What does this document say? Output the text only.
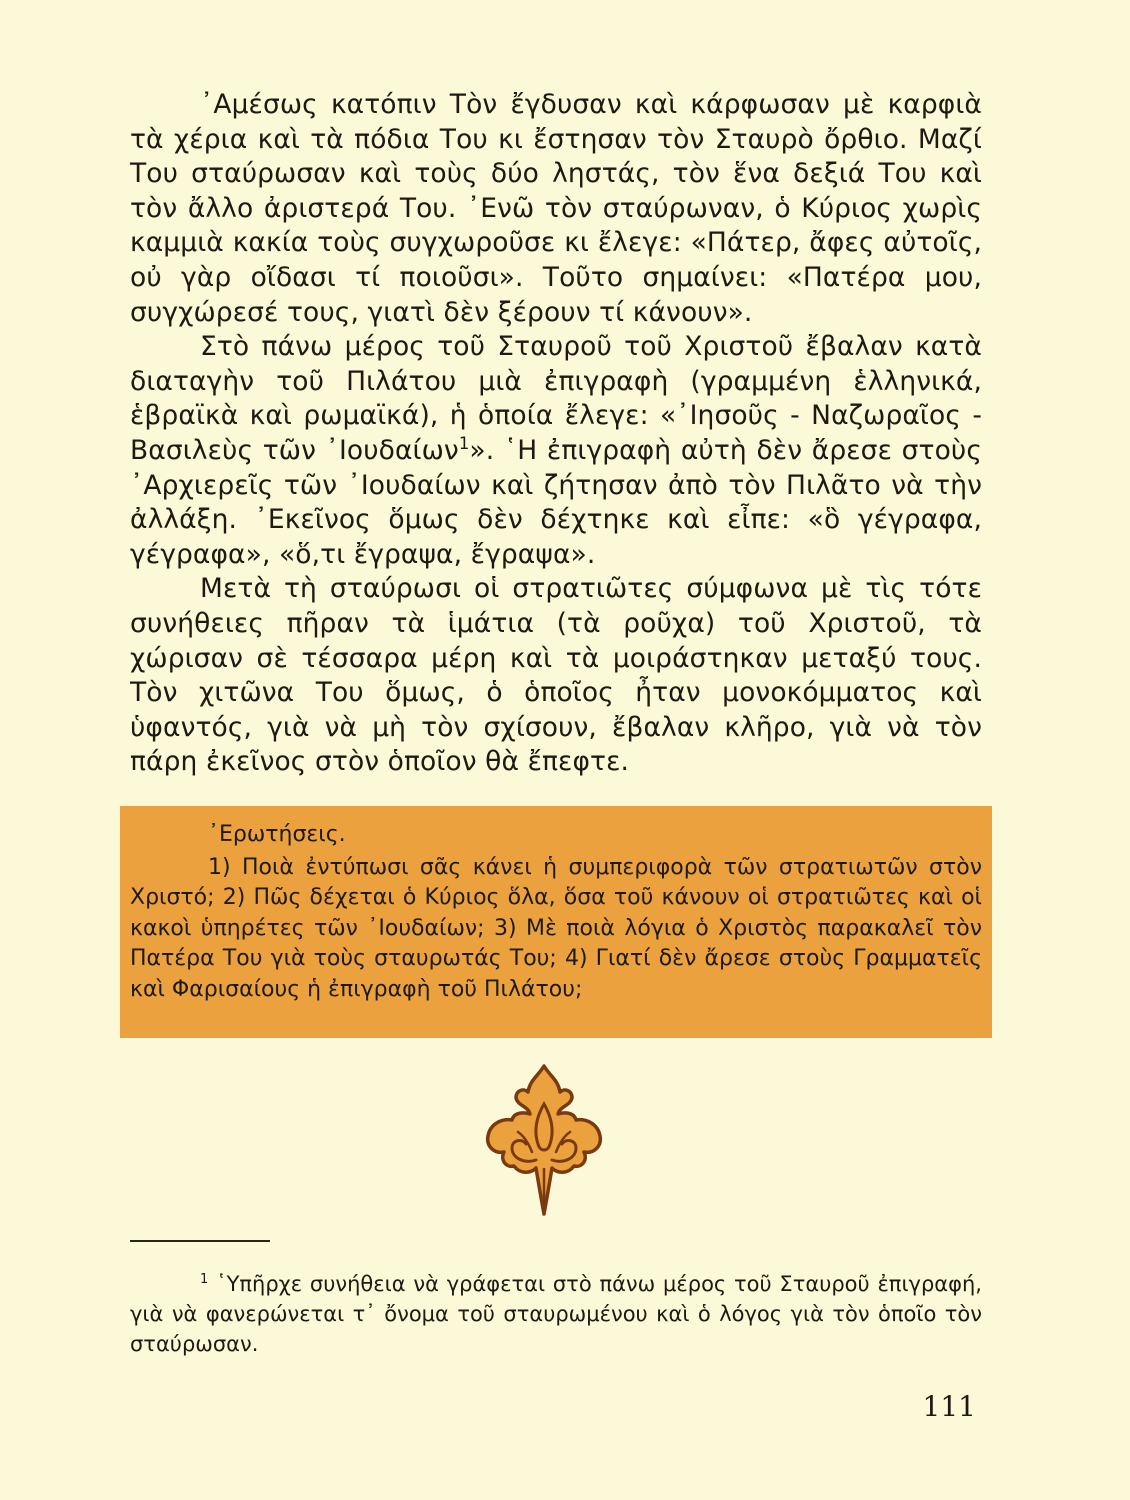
᾿Αμέσως κατόπιν Τὸν ἔγδυσαν καὶ κάρφωσαν μὲ καρφιὰ τὰ χέρια καὶ τὰ πόδια Του κι ἔστησαν τὸν Σταυρὸ ὄρθιο. Μαζί Του σταύρωσαν καὶ τοὺς δύο ληστάς, τὸν ἕνα δεξιά Του καὶ τὸν ἄλλο ἀριστερά Του. ᾿Ενῶ τὸν σταύρωναν, ὁ Κύριος χωρὶς καμμιὰ κακία τοὺς συγχωροῦσε κι ἔλεγε: «Πάτερ, ἄφες αὐτοῖς, οὐ γὰρ οἴδασι τί ποιοῦσι». Τοῦτο σημαίνει: «Πατέρα μου, συγχώρεσέ τους, γιατὶ δὲν ξέρουν τί κάνουν».

Στὸ πάνω μέρος τοῦ Σταυροῦ τοῦ Χριστοῦ ἔβαλαν κατὰ διαταγὴν τοῦ Πιλάτου μιὰ ἐπιγραφὴ (γραμμένη ἑλληνικά, ἑβραϊκὰ καὶ ρωμαϊκά), ἡ ὁποία ἔλεγε: «᾿Ιησοῦς - Ναζωραῖος - Βασιλεὺς τῶν ᾿Ιουδαίων$^1$». ῾Η ἐπιγραφὴ αὐτὴ δὲν ἄρεσε στοὺς ᾿Αρχιερεῖς τῶν ᾿Ιουδαίων καὶ ζήτησαν ἀπὸ τὸν Πιλᾶτο νὰ τὴν ἀλλάξη. ᾿Εκεῖνος ὅμως δὲν δέχτηκε καὶ εἶπε: «ὃ γέγραφα, γέγραφα», «ὅ,τι ἔγραψα, ἔγραψα».

Μετὰ τὴ σταύρωσι οἱ στρατιῶτες σύμφωνα μὲ τὶς τότε συνήθειες πῆραν τὰ ἱμάτια (τὰ ροῦχα) τοῦ Χριστοῦ, τὰ χώρισαν σὲ τέσσαρα μέρη καὶ τὰ μοιράστηκαν μεταξύ τους. Τὸν χιτῶνα Του ὅμως, ὁ ὁποῖος ἦταν μονοκόμματος καὶ ὑφαντός, γιὰ νὰ μὴ τὸν σχίσουν, ἔβαλαν κλῆρο, γιὰ νὰ τὸν πάρη ἐκεῖνος στὸν ὁποῖον θὰ ἔπεφτε.

᾿Ερωτήσεις.

1) Ποιὰ ἐντύπωσι σᾶς κάνει ἡ συμπεριφορὰ τῶν στρατιωτῶν στὸν Χριστό; 2) Πῶς δέχεται ὁ Κύριος ὅλα, ὅσα τοῦ κάνουν οἱ στρατιῶτες καὶ οἱ κακοὶ ὑπηρέτες τῶν ᾿Ιουδαίων; 3) Μὲ ποιὰ λόγια ὁ Χριστὸς παρακαλεῖ τὸν Πατέρα Του γιὰ τοὺς σταυρωτάς Του; 4) Γιατί δὲν ἄρεσε στοὺς Γραμματεῖς καὶ Φαρισαίους ἡ ἐπιγραφὴ τοῦ Πιλάτου;

$^1$ ῾Υπῆρχε συνήθεια νὰ γράφεται στὸ πάνω μέρος τοῦ Σταυροῦ ἐπιγραφή, γιὰ νὰ φανερώνεται τ᾿ ὄνομα τοῦ σταυρωμένου καὶ ὁ λόγος γιὰ τὸν ὁποῖο τὸν σταύρωσαν.

111
